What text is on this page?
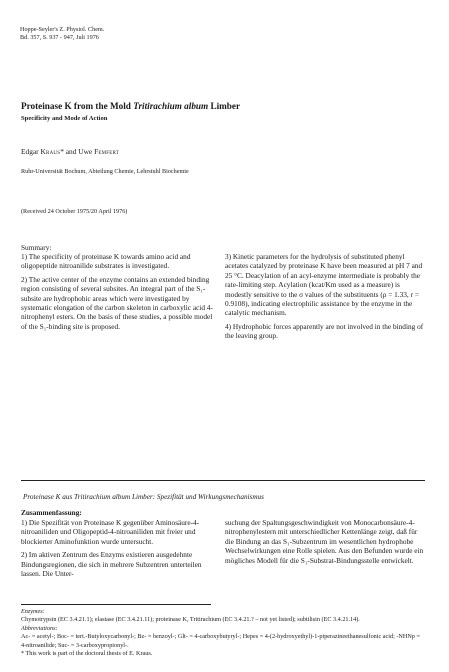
Hoppe-Seyler's Z. Physiol. Chem.
Bd. 357, S. 937 - 947, Juli 1976
Proteinase K from the Mold Tritirachium album Limber
Specificity and Mode of Action
Edgar Kraus* and Uwe Femfert
Ruhr-Universität Bochum, Abteilung Chemie, Lehrstuhl Biochemie
(Received 24 October 1975/20 April 1976)
Summary:

1) The specificity of proteinase K towards amino acid and oligopeptide nitroanilide substrates is investigated.

2) The active center of the enzyme contains an extended binding region consisting of several subsites. An integral part of the S₁-subsite are hydrophobic areas which were investigated by systematic elongation of the carbon skeleton in carboxylic acid 4-nitrophenyl esters. On the basis of these studies, a possible model of the S₁-binding site is proposed.

3) Kinetic parameters for the hydrolysis of substituted phenyl acetates catalyzed by proteinase K have been measured at pH 7 and 25 °C. Deacylation of an acyl-enzyme intermediate is probably the rate-limiting step. Acylation (kcat/Km used as a measure) is modestly sensitive to the σ values of the substituents (ρ = 1.33, r = 0.9108), indicating electrophilic assistance by the enzyme in the catalytic mechanism.

4) Hydrophobic forces apparently are not involved in the binding of the leaving group.

Proteinase K aus Tritirachium album Limber: Spezifität und Wirkungsmechanismus
Zusammenfassung:

1) Die Spezifität von Proteinase K gegenüber Aminosäure-4-nitroaniliden und Oligopeptid-4-nitroaniliden mit freier und blockierter Aminofunktion wurde untersucht.

2) Im aktiven Zentrum des Enzyms existieren ausgedehnte Bindungsregionen, die sich in mehrere Subzentren unterteilen lassen. Die Unter-

suchung der Spaltungsgeschwindigkeit von Monocarbonsäure-4-nitrophenylestern mit unterschiedlicher Kettenlänge zeigt, daß für die Bindung an das S₁-Subzentrum im wesentlichen hydrophobe Wechselwirkungen eine Rolle spielen. Aus den Befunden wurde ein mögliches Modell für die S₁-Substrat-Bindungsstelle entwickelt.

Enzymes:
Chymotrypsin (EC 3.4.21.1); elastase (EC 3.4.21.11); proteinase K, Tritirachium (EC 3.4.21.? – not yet listed); subtilisin (EC 3.4.21.14).
Abbreviations:
Ac- = acetyl-; Boc- = tert.-Butyloxycarbonyl-; Bz- = benzoyl-; Glt- = 4-carboxybutyryl-; Hepes = 4-(2-hydroxyethyl)-1-piperazineethanesulfonic acid; -NHNp = 4-nitroanilide; Suc- = 3-carboxypropionyl-.
* This work is part of the doctoral thesis of E. Kraus.
